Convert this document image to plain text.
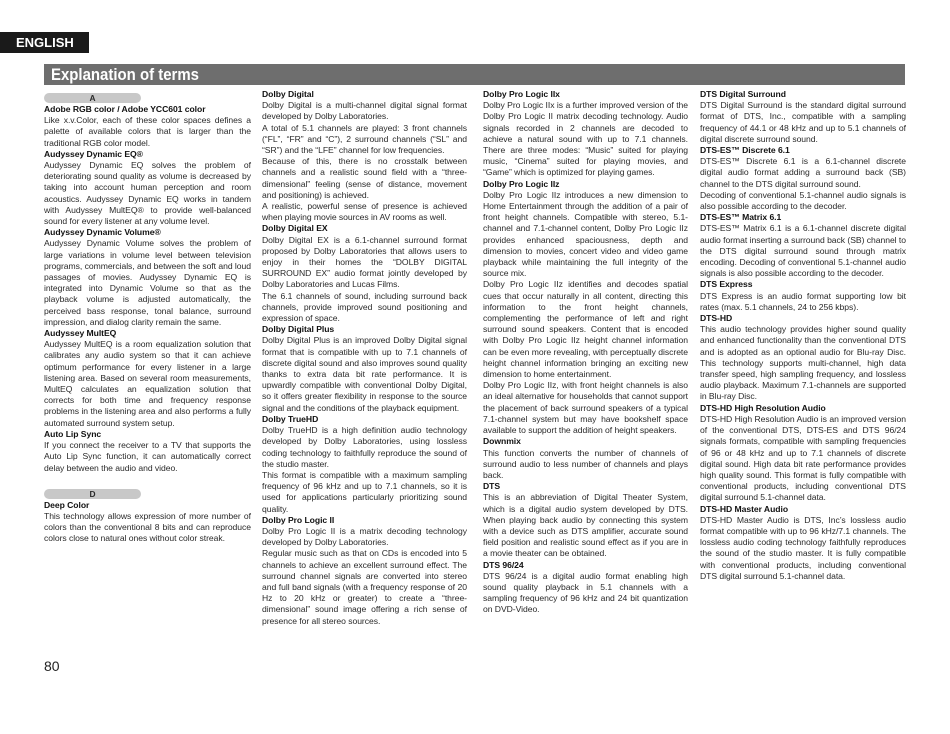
ENGLISH
Explanation of terms
A
Adobe RGB color / Adobe YCC601 color
Like x.v.Color, each of these color spaces defines a palette of available colors that is larger than the traditional RGB color model.
Audyssey Dynamic EQ®
Audyssey Dynamic EQ solves the problem of deteriorating sound quality as volume is decreased by taking into account human perception and room acoustics. Audyssey Dynamic EQ works in tandem with Audyssey MultEQ® to provide well-balanced sound for every listener at any volume level.
Audyssey Dynamic Volume®
Audyssey Dynamic Volume solves the problem of large variations in volume level between television programs, commercials, and between the soft and loud passages of movies. Audyssey Dynamic EQ is integrated into Dynamic Volume so that as the playback volume is adjusted automatically, the perceived bass response, tonal balance, surround impression, and dialog clarity remain the same.
Audyssey MultEQ
Audyssey MultEQ is a room equalization solution that calibrates any audio system so that it can achieve optimum performance for every listener in a large listening area. Based on several room measurements, MultEQ calculates an equalization solution that corrects for both time and frequency response problems in the listening area and also performs a fully automated surround system setup.
Auto Lip Sync
If you connect the receiver to a TV that supports the Auto Lip Sync function, it can automatically correct delay between the audio and video.
D
Deep Color
This technology allows expression of more number of colors than the conventional 8 bits and can reproduce colors close to natural ones without color streak.
Dolby Digital
Dolby Digital is a multi-channel digital signal format developed by Dolby Laboratories.
A total of 5.1 channels are played: 3 front channels (“FL”, “FR” and “C”), 2 surround channels (“SL” and “SR”) and the “LFE” channel for low frequencies.
Because of this, there is no crosstalk between channels and a realistic sound field with a “three-dimensional” feeling (sense of distance, movement and positioning) is achieved.
A realistic, powerful sense of presence is achieved when playing movie sources in AV rooms as well.
Dolby Digital EX
Dolby Digital EX is a 6.1-channel surround format proposed by Dolby Laboratories that allows users to enjoy in their homes the “DOLBY DIGITAL SURROUND EX” audio format jointly developed by Dolby Laboratories and Lucas Films.
The 6.1 channels of sound, including surround back channels, provide improved sound positioning and expression of space.
Dolby Digital Plus
Dolby Digital Plus is an improved Dolby Digital signal format that is compatible with up to 7.1 channels of discrete digital sound and also improves sound quality thanks to extra data bit rate performance. It is upwardly compatible with conventional Dolby Digital, so it offers greater flexibility in response to the source signal and the conditions of the playback equipment.
Dolby TrueHD
Dolby TrueHD is a high definition audio technology developed by Dolby Laboratories, using lossless coding technology to faithfully reproduce the sound of the studio master.
This format is compatible with a maximum sampling frequency of 96 kHz and up to 7.1 channels, so it is used for applications particularly prioritizing sound quality.
Dolby Pro Logic II
Dolby Pro Logic II is a matrix decoding technology developed by Dolby Laboratories.
Regular music such as that on CDs is encoded into 5 channels to achieve an excellent surround effect. The surround channel signals are converted into stereo and full band signals (with a frequency response of 20 Hz to 20 kHz or greater) to create a “three-dimensional” sound image offering a rich sense of presence for all stereo sources.
Dolby Pro Logic IIx
Dolby Pro Logic IIx is a further improved version of the Dolby Pro Logic II matrix decoding technology. Audio signals recorded in 2 channels are decoded to achieve a natural sound with up to 7.1 channels. There are three modes: “Music” suited for playing music, “Cinema” suited for playing movies, and “Game” which is optimized for playing games.
Dolby Pro Logic IIz
Dolby Pro Logic IIz introduces a new dimension to Home Entertainment through the addition of a pair of front height channels. Compatible with stereo, 5.1-channel and 7.1-channel content, Dolby Pro Logic IIz provides enhanced spaciousness, depth and dimension to movies, concert video and video game playback while maintaining the full integrity of the source mix.
Dolby Pro Logic IIz identifies and decodes spatial cues that occur naturally in all content, directing this information to the front height channels, complementing the performance of left and right surround sound speakers. Content that is encoded with Dolby Pro Logic IIz height channel information can be even more revealing, with perceptually discrete height channel information bringing an exciting new dimension to home entertainment.
Dolby Pro Logic IIz, with front height channels is also an ideal alternative for households that cannot support the placement of back surround speakers of a typical 7.1-channel system but may have bookshelf space available to support the addition of height speakers.
Downmix
This function converts the number of channels of surround audio to less number of channels and plays back.
DTS
This is an abbreviation of Digital Theater System, which is a digital audio system developed by DTS. When playing back audio by connecting this system with a device such as DTS amplifier, accurate sound field position and realistic sound effect as if you are in a movie theater can be obtained.
DTS 96/24
DTS 96/24 is a digital audio format enabling high sound quality playback in 5.1 channels with a sampling frequency of 96 kHz and 24 bit quantization on DVD-Video.
DTS Digital Surround
DTS Digital Surround is the standard digital surround format of DTS, Inc., compatible with a sampling frequency of 44.1 or 48 kHz and up to 5.1 channels of digital discrete surround sound.
DTS-ES™ Discrete 6.1
DTS-ES™ Discrete 6.1 is a 6.1-channel discrete digital audio format adding a surround back (SB) channel to the DTS digital surround sound.
Decoding of conventional 5.1-channel audio signals is also possible according to the decoder.
DTS-ES™ Matrix 6.1
DTS-ES™ Matrix 6.1 is a 6.1-channel discrete digital audio format inserting a surround back (SB) channel to the DTS digital surround sound through matrix encoding. Decoding of conventional 5.1-channel audio signals is also possible according to the decoder.
DTS Express
DTS Express is an audio format supporting low bit rates (max. 5.1 channels, 24 to 256 kbps).
DTS-HD
This audio technology provides higher sound quality and enhanced functionality than the conventional DTS and is adopted as an optional audio for Blu-ray Disc. This technology supports multi-channel, high data transfer speed, high sampling frequency, and lossless audio playback. Maximum 7.1-channels are supported in Blu-ray Disc.
DTS-HD High Resolution Audio
DTS-HD High Resolution Audio is an improved version of the conventional DTS, DTS-ES and DTS 96/24 signals formats, compatible with sampling frequencies of 96 or 48 kHz and up to 7.1 channels of discrete digital sound. High data bit rate performance provides high quality sound. This format is fully compatible with conventional products, including conventional DTS digital surround 5.1-channel data.
DTS-HD Master Audio
DTS-HD Master Audio is DTS, Inc’s lossless audio format compatible with up to 96 kHz/7.1 channels. The lossless audio coding technology faithfully reproduces the sound of the studio master. It is fully compatible with conventional products, including conventional DTS digital surround 5.1-channel data.
80
